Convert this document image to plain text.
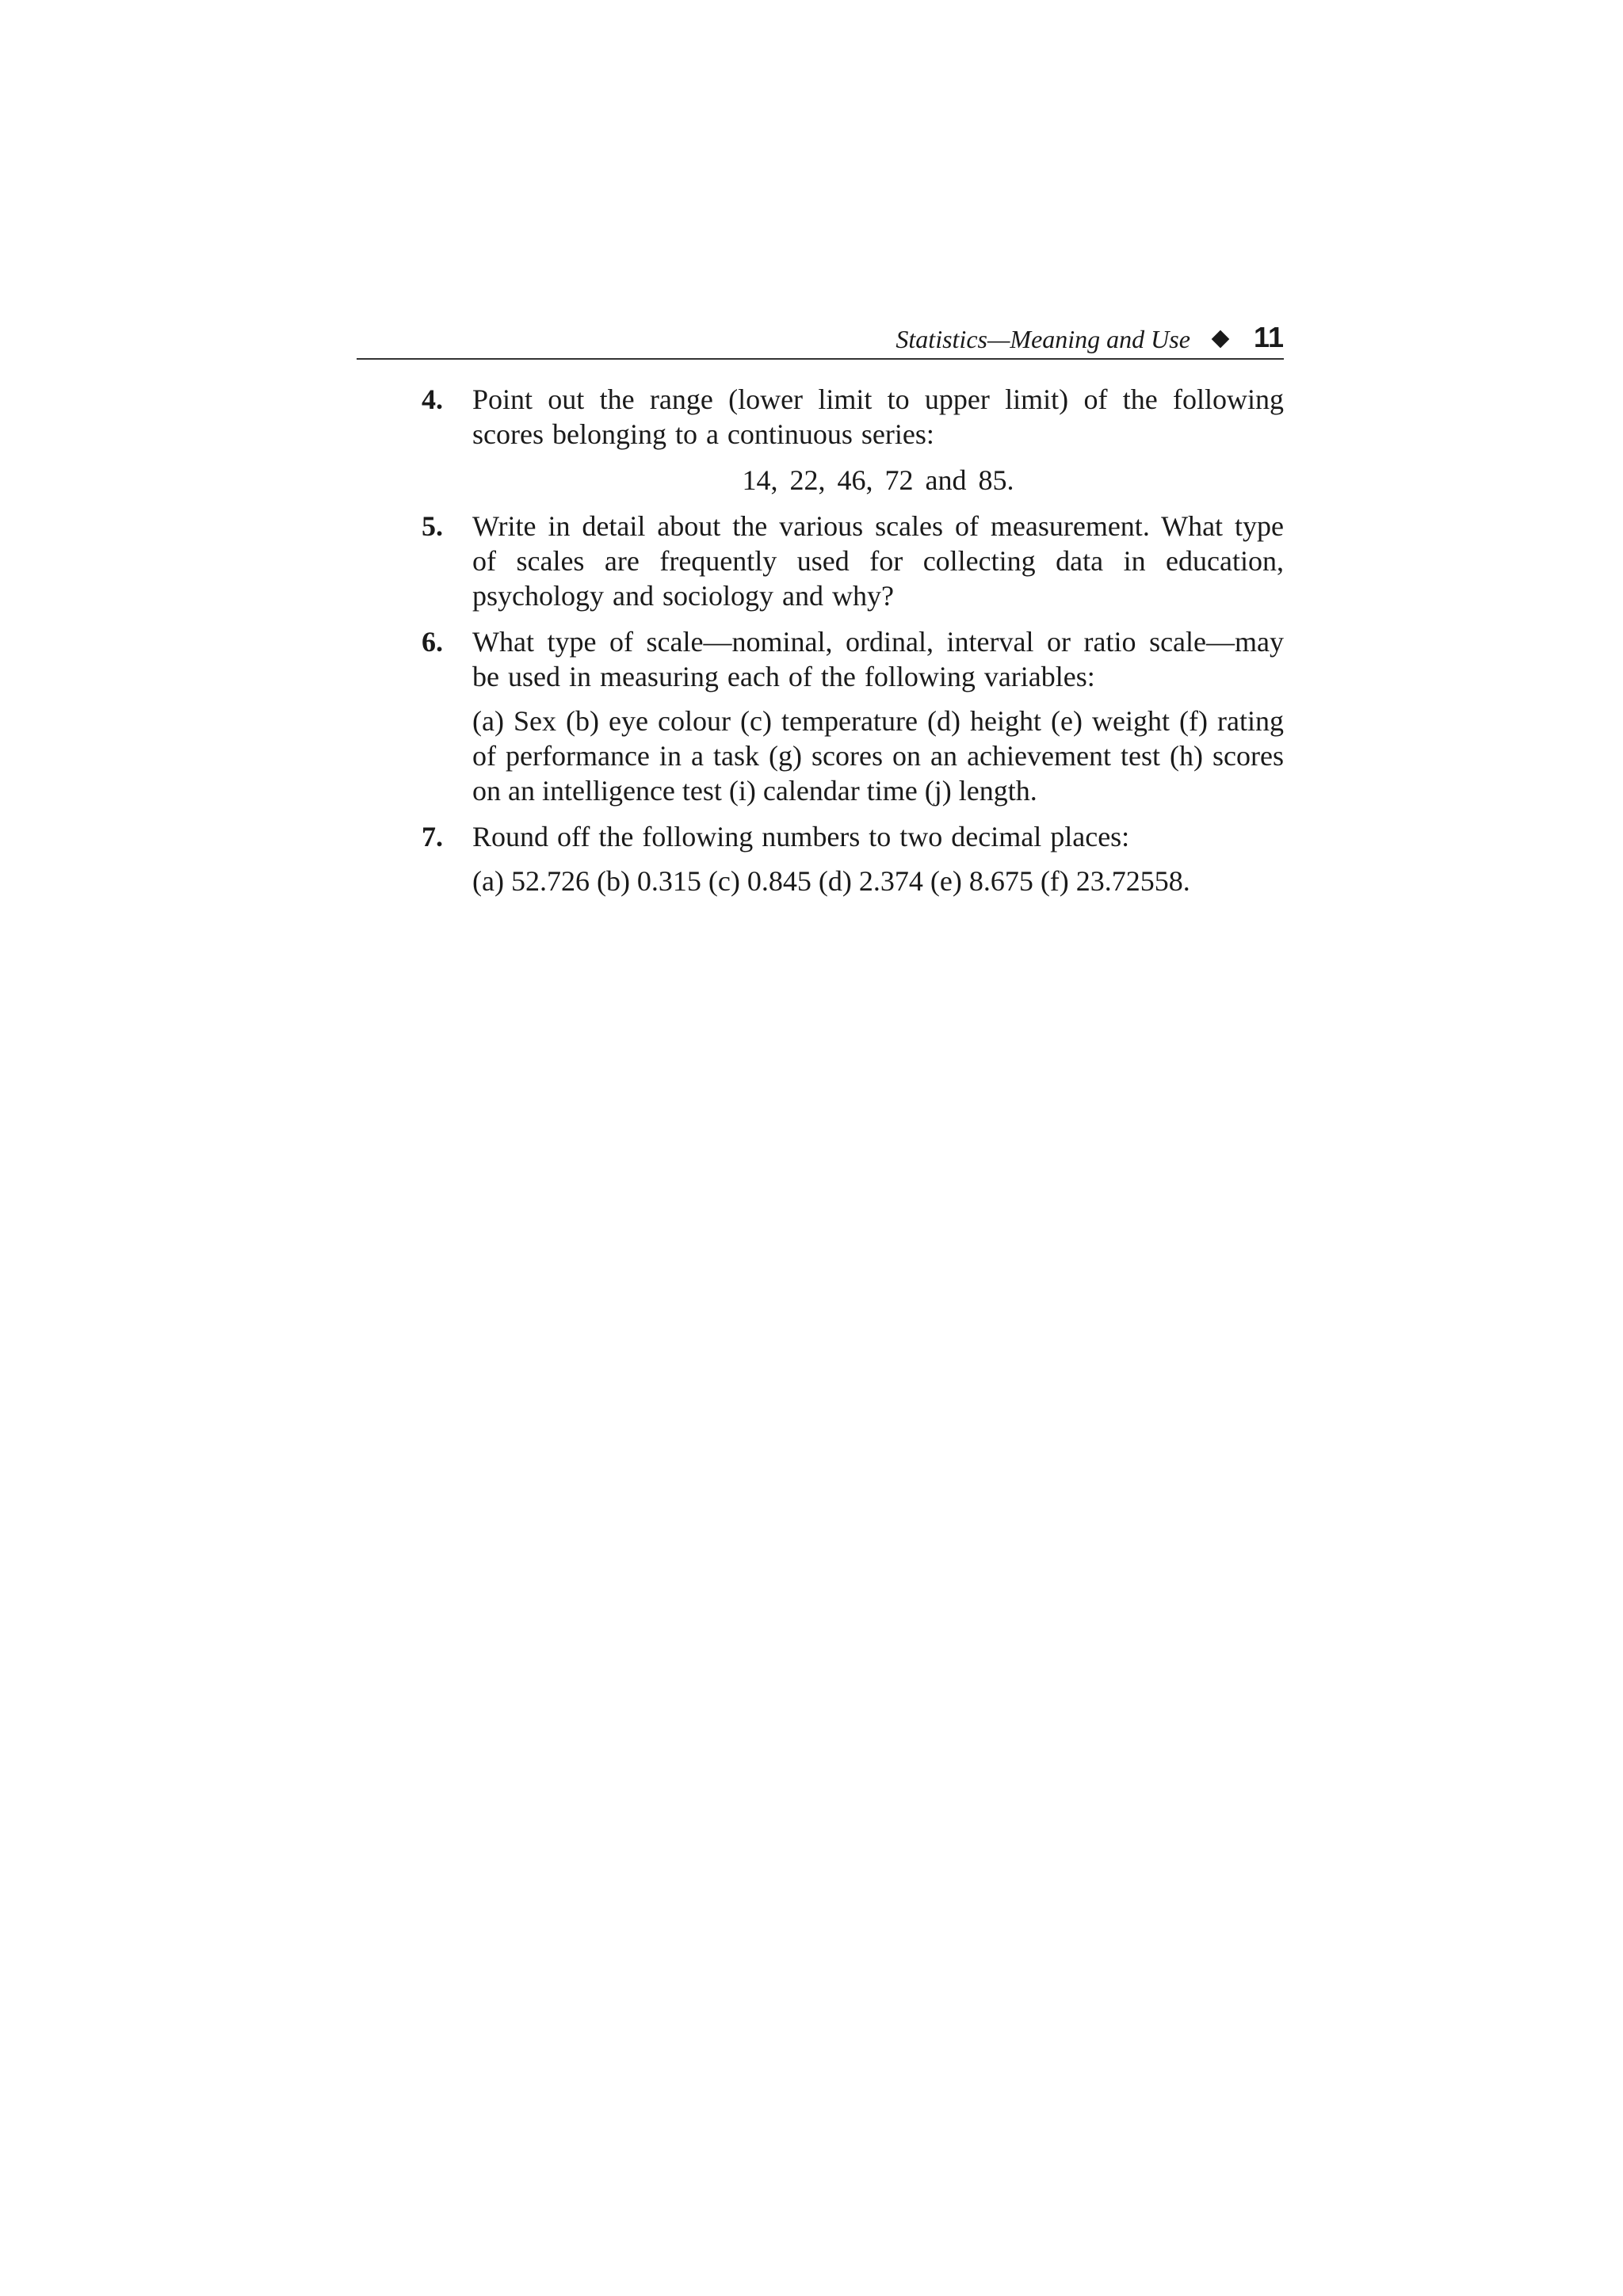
Statistics—Meaning and Use 11
4. Point out the range (lower limit to upper limit) of the following scores belonging to a continuous series:
14, 22, 46, 72 and 85.
5. Write in detail about the various scales of measurement. What type of scales are frequently used for collecting data in education, psychology and sociology and why?
6. What type of scale—nominal, ordinal, interval or ratio scale—may be used in measuring each of the following variables:
(a) Sex (b) eye colour (c) temperature (d) height (e) weight (f) rating of performance in a task (g) scores on an achievement test (h) scores on an intelligence test (i) calendar time (j) length.
7. Round off the following numbers to two decimal places:
(a) 52.726 (b) 0.315 (c) 0.845 (d) 2.374 (e) 8.675 (f) 23.72558.
